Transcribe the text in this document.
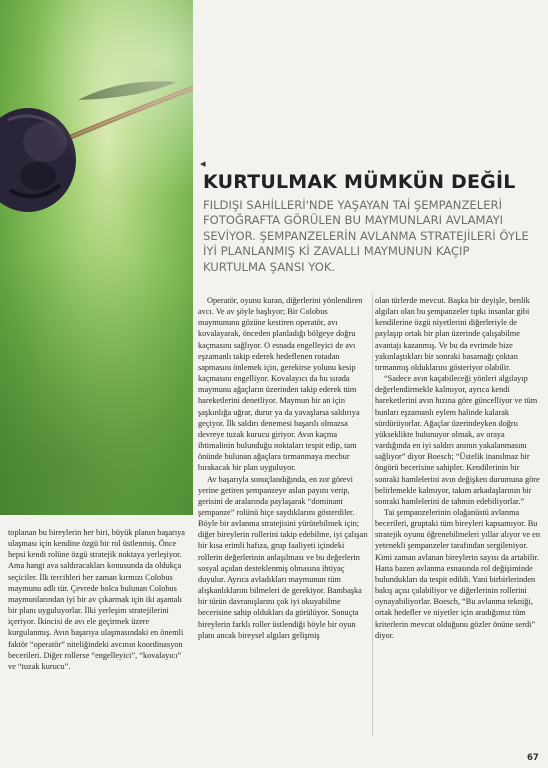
◂
KURTULMAK MÜMKÜN DEĞİL
FILDIŞI SAHİLLERİ'NDE YAŞAYAN TAİ ŞEMPANZELERİ FOTOĞRAFTA GÖRÜLEN BU MAYMUNLARI AVLAMAYI SEVİYOR. ŞEMPANZELERİN AVLANMA STRATEJİLERİ ÖYLE İYİ PLANLANMIŞ Kİ ZAVALLI MAYMUNUN KAÇIP KURTULMA ŞANSI YOK.

toplanan bu bireylerin her biri, büyük planın başarıya ulaşması için kendine özgü bir rol üstlenmiş. Önce hepsi kendi rolüne özgü stratejik noktaya yerleşiyor. Ama hangi ava saldıracakları konusunda da oldukça seçiciler. İlk tercihleri her zaman kırmızı Colobus maymunu adlı tür. Çevrede bolca bulunan Colobus maymunlarından iyi bir av çıkarmak için iki aşamalı bir planı uyguluyorlar. İlki yerleşim stratejilerini içeriyor. İkincisi de avı ele geçirmek üzere kurgulanmış. Avın başarıya ulaşmasındaki en önemli faktör “operatör” niteliğindeki avcının koordinasyon becerileri. Diğer rollerse “engelleyici”, “kovalayıcı” ve “tuzak kurucu”.

Operatör, oyunu kuran, diğerlerini yönlendiren avcı. Ve av şöyle başlıyor; Bir Colobus maymununu gözüne kestiren operatör, avı kovalayarak, önceden planladığı bölgeye doğru kaçmasını sağlıyor. O esnada engelleyici de avı eşzamanlı takip ederek hedeflenen rotadan sapmasını önlemek için, gerekirse yolunu kesip kaçmasını engelliyor. Kovalayıcı da bu sırada maymunu ağaçların üzerinden takip ederek tüm hareketlerini denetliyor. Maymun bir an için şaşkınlığa uğrar, durur ya da yavaşlarsa saldırıya geçiyor. İlk saldırı denemesi başarılı olmazsa devreye tuzak kurucu giriyor. Avın kaçma ihtimalinin bulunduğu noktaları tespit edip, tam önünde bulunan ağaçlara tırmanmaya mecbur bırakacak bir plan uyguluyor.

Av başarıyla sonuçlandığında, en zor görevi yerine getiren şempanzeye aslan payını verip, gerisini de aralarında paylaşarak “dominant şempanze” rolünü hiçe saydıklarını gösterdiler. Böyle bir avlanma stratejisini yürütebilmek için; diğer bireylerin rollerini takip edebilme, iyi çalışan bir kısa erimli hafıza, grup faaliyeti içindeki rollerin değerlerinin anlaşılması ve bu değerlerin sosyal açıdan desteklenmiş olmasına ihtiyaç duyulur. Ayrıca avladıkları maymunun tüm alışkanlıklarını bilmeleri de gerekiyor. Bambaşka bir türün davranışlarını çok iyi okuyabilme becerisine sahip oldukları da görülüyor. Sonuçta bireylerin farklı roller üstlendiği böyle bir oyun planı ancak bireysel algıları gelişmiş

olan türlerde mevcut. Başka bir deyişle, benlik algıları olan bu şempanzeler tıpkı insanlar gibi kendilerine özgü niyetlerini diğerleriyle de paylaşıp ortak bir plan üzerinde çalışabilme avantajı kazanmış. Ve bu da evrimde bize yakınlaştıkları bir sonraki basamağı çoktan tırmanmış olduklarını gösteriyor olabilir.

“Sadece avın kaçabileceği yönleri algılayıp değerlendirmekle kalmıyor, ayrıca kendi hareketlerini avın hızına göre güncelliyor ve tüm bunları eşzamanlı eylem halinde kalarak sürdürüyorlar. Ağaçlar üzerindeyken doğru yükseklikte bulunuyor olmak, av oraya vardığında en iyi saldırı anının yakalanmasını sağlıyor” diyor Boesch; “Üstelik inanılmaz bir öngörü becerisine sahipler. Kendilerinin bir sonraki hamlelerini avın değişken durumuna göre belirlemekle kalmıyor, takım arkadaşlarının bir sonraki hamlelerini de tahmin edebiliyorlar.”

Tai şempanzelerinin olağanüstü avlanma becerileri, gruptaki tüm bireyleri kapsamıyor. Bu stratejik oyunu öğrenebilmeleri yıllar alıyor ve en yetenekli şempanzeler tarafından sergileniyor. Kimi zaman avlanan bireylerin sayısı da artabilir. Hatta bazen avlanma esnasında rol değişiminde bulundukları da tespit edildi. Yani birbirlerinden bakış açısı çalabiliyor ve diğerlerinin rollerini oynayabiliyorlar. Boesch, “Bu avlanma tekniği, ortak hedefler ve niyetler için aradığımız tüm kriterlerin mevcut olduğunu gözler önüne serdi” diyor.

67
